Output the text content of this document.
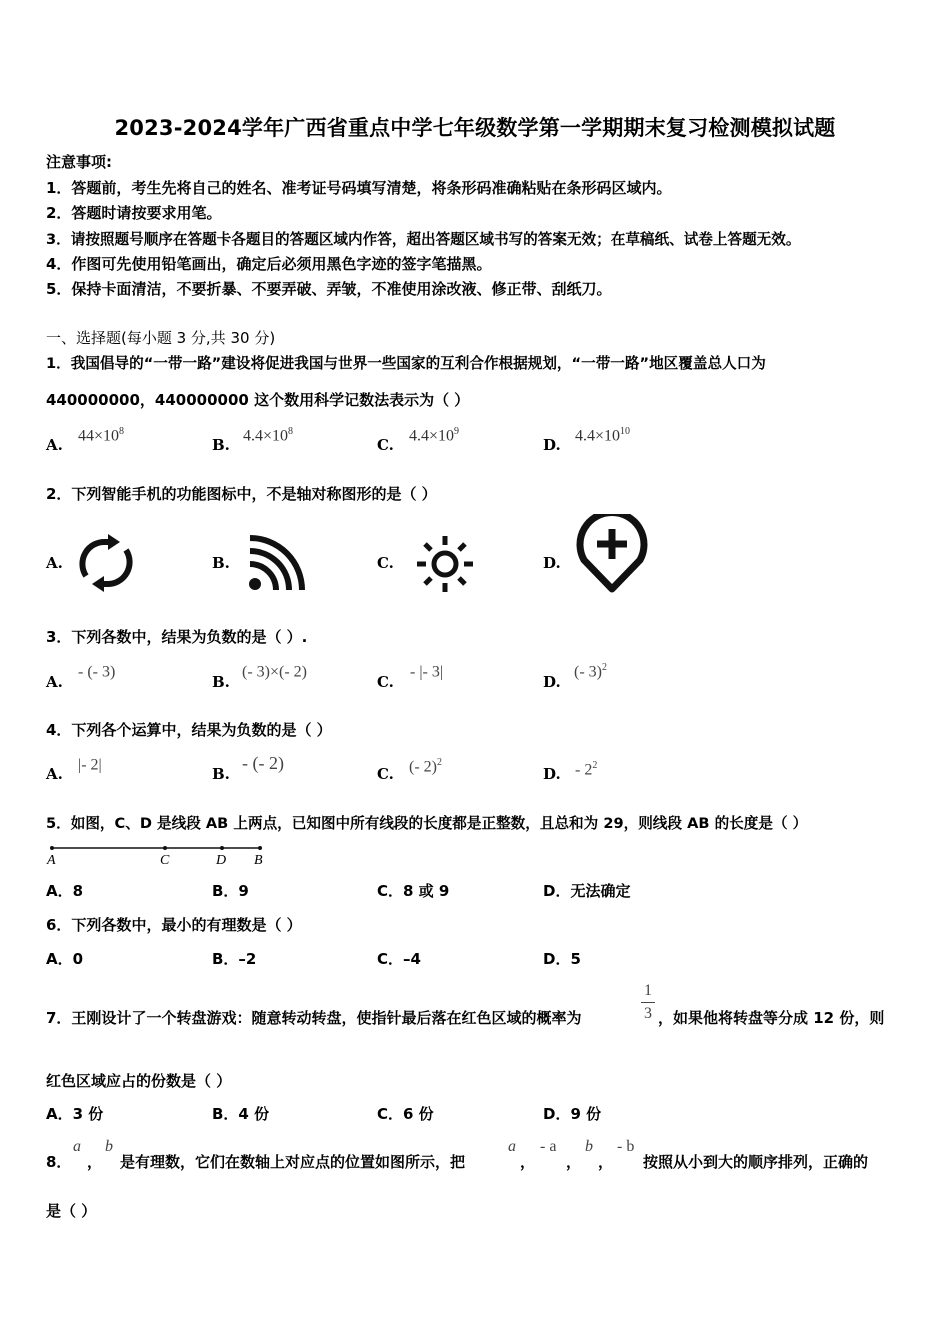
2023-2024学年广西省重点中学七年级数学第一学期期末复习检测模拟试题
注意事项:
1．答题前，考生先将自己的姓名、准考证号码填写清楚，将条形码准确粘贴在条形码区域内。
2．答题时请按要求用笔。
3．请按照题号顺序在答题卡各题目的答题区域内作答，超出答题区域书写的答案无效；在草稿纸、试卷上答题无效。
4．作图可先使用铅笔画出，确定后必须用黑色字迹的签字笔描黑。
5．保持卡面清洁，不要折暴、不要弄破、弄皱，不准使用涂改液、修正带、刮纸刀。
一、选择题(每小题 3 分,共 30 分)
1．我国倡导的“一带一路”建设将促进我国与世界一些国家的互利合作根据规划，“一带一路”地区覆盖总人口为
440000000，440000000 这个数用科学记数法表示为（ ）
A.
$44\times 10^8$
B.
$4.4\times 10^8$
C.
$4.4\times 10^9$
D.
$4.4\times 10^{10}$
2．下列智能手机的功能图标中，不是轴对称图形的是（ ）
A.	B.	C.	D.
3．下列各数中，结果为负数的是（ ）.
A.
- (- 3)
B.
(- 3)×(- 2)
C.
- |- 3|
D.
(- 3)$^2$
4．下列各个运算中，结果为负数的是（ ）
A.
|- 2|
B.
- (- 2)
C. (- 2)$^2$
D. - $2^2$
5．如图，C、D 是线段 AB 上两点，已知图中所有线段的长度都是正整数，且总和为 29，则线段 AB 的长度是（ ）
A	C	D B
A．8	B．9	C．8 或 9	D．无法确定
6．下列各数中，最小的有理数是（ ）
A．0	B．–2	C．–4	D．5
7．王刚设计了一个转盘游戏：随意转动转盘，使指针最后落在红色区域的概率为
1
3 ，如果他将转盘等分成 12 份，则
红色区域应占的份数是（ ）
A．3 份	B．4 份	C．6 份	D．9 份
8．
a
，
b
是有理数，它们在数轴上对应点的位置如图所示，把
a
，
- a
，
b
，
- b
按照从小到大的顺序排列，正确的
是（ ）
